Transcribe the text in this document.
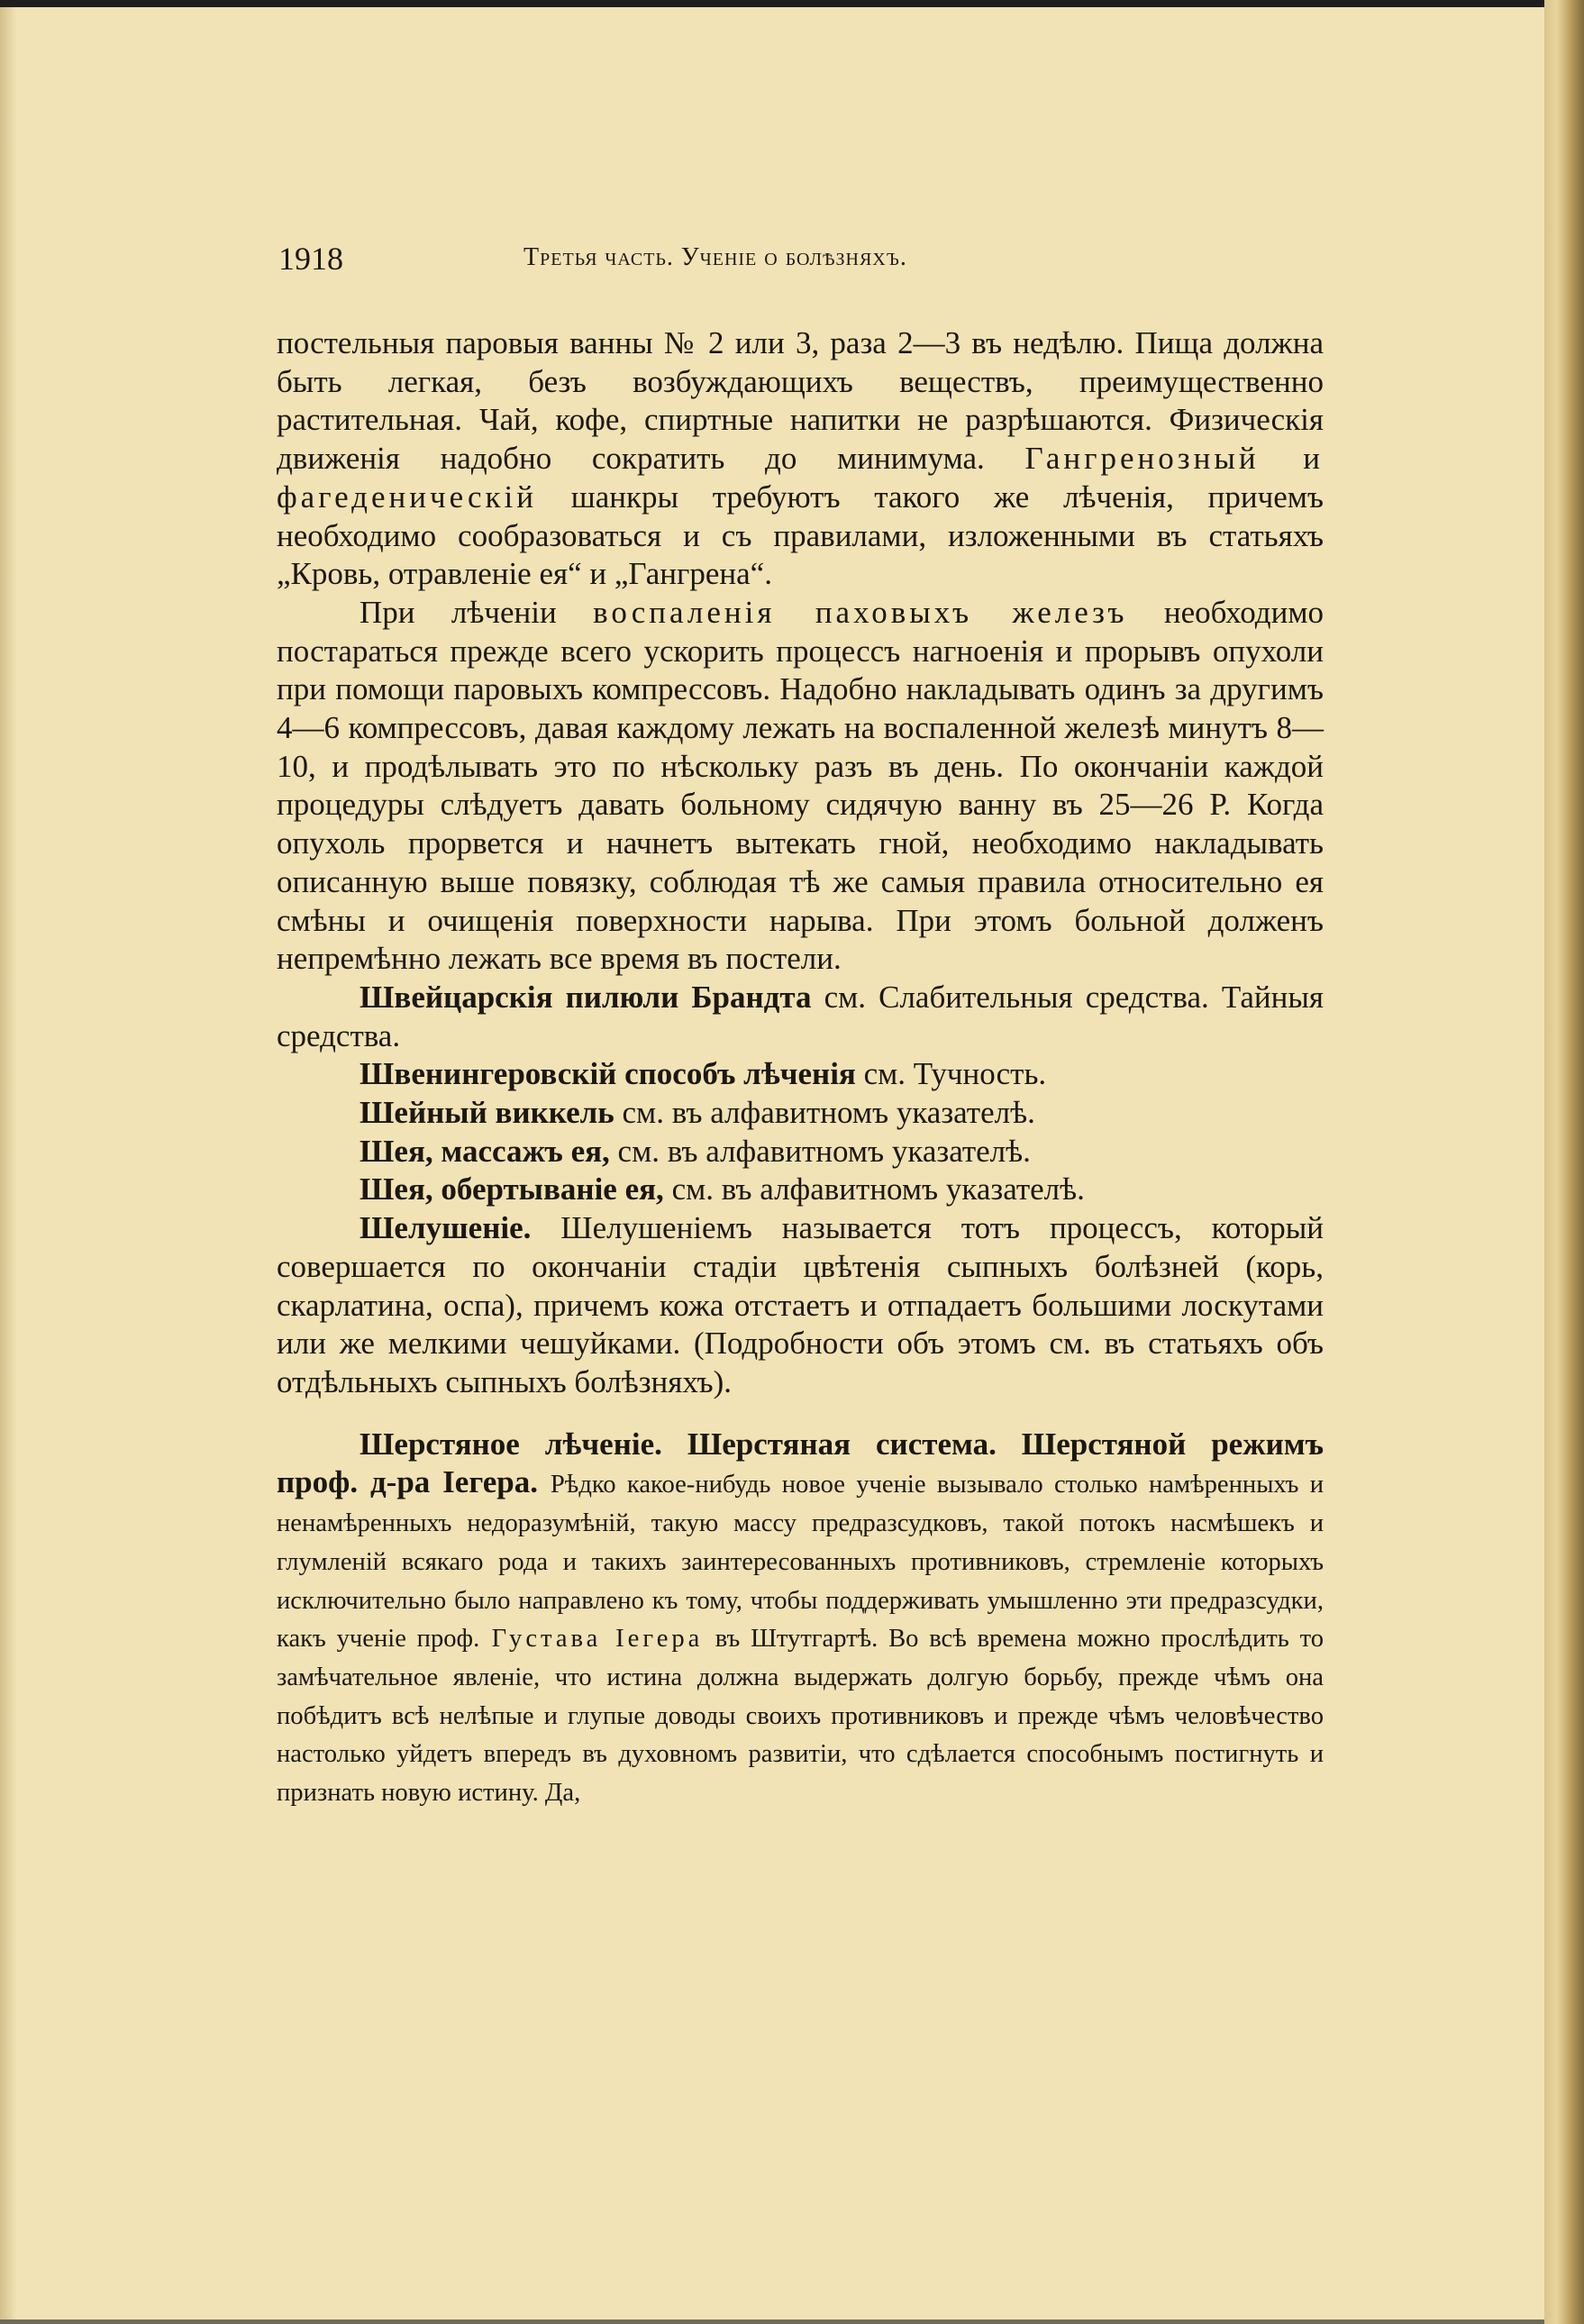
1918	Третья часть. Ученіе о болѣзняхъ.

постельныя паровыя ванны № 2 или 3, раза 2—3 въ недѣлю. Пища должна быть легкая, безъ возбуждающихъ веществъ, преимущественно растительная. Чай, кофе, спиртные напитки не разрѣшаются. Физическія движенія надобно сократить до минимума. Гангренозный и фагеденическій шанкры требуютъ такого же лѣченія, причемъ необходимо сообразоваться и съ правилами, изложенными въ статьяхъ „Кровь, отравленіе ея“ и „Гангрена“.

При лѣченіи воспаленія паховыхъ железъ необходимо постараться прежде всего ускорить процессъ нагноенія и прорывъ опухоли при помощи паровыхъ компрессовъ. Надобно накладывать одинъ за другимъ 4—6 компрессовъ, давая каждому лежать на воспаленной железѣ минутъ 8—10, и продѣлывать это по нѣскольку разъ въ день. По окончаніи каждой процедуры слѣдуетъ давать больному сидячую ванну въ 25—26 Р. Когда опухоль прорвется и начнетъ вытекать гной, необходимо накладывать описанную выше повязку, соблюдая тѣ же самыя правила относительно ея смѣны и очищенія поверхности нарыва. При этомъ больной долженъ непремѣнно лежать все время въ постели.

Швейцарскія пилюли Брандта см. Слабительныя средства. Тайныя средства.

Швенингеровскій способъ лѣченія см. Тучность.

Шейный виккель см. въ алфавитномъ указателѣ.

Шея, массажъ ея, см. въ алфавитномъ указателѣ.

Шея, обертываніе ея, см. въ алфавитномъ указателѣ.

Шелушеніе. Шелушеніемъ называется тотъ процессъ, который совершается по окончаніи стадіи цвѣтенія сыпныхъ болѣзней (корь, скарлатина, оспа), причемъ кожа отстаетъ и отпадаетъ большими лоскутами или же мелкими чешуйками. (Подробности объ этомъ см. въ статьяхъ объ отдѣльныхъ сыпныхъ болѣзняхъ).

Шерстяное лѣченіе. Шерстяная система. Шерстяной режимъ проф. д-ра Іегера. Рѣдко какое-нибудь новое ученіе вызывало столько намѣренныхъ и ненамѣренныхъ недоразумѣній, такую массу предразсудковъ, такой потокъ насмѣшекъ и глумленій всякаго рода и такихъ заинтересованныхъ противниковъ, стремленіе которыхъ исключительно было направлено къ тому, чтобы поддерживать умышленно эти предразсудки, какъ ученіе проф. Густава Іегера въ Штутгартѣ. Во всѣ времена можно прослѣдить то замѣчательное явленіе, что истина должна выдержать долгую борьбу, прежде чѣмъ она побѣдитъ всѣ нелѣпые и глупые доводы своихъ противниковъ и прежде чѣмъ человѣчество настолько уйдетъ впередъ въ духовномъ развитіи, что сдѣлается способнымъ постигнуть и признать новую истину. Да,
